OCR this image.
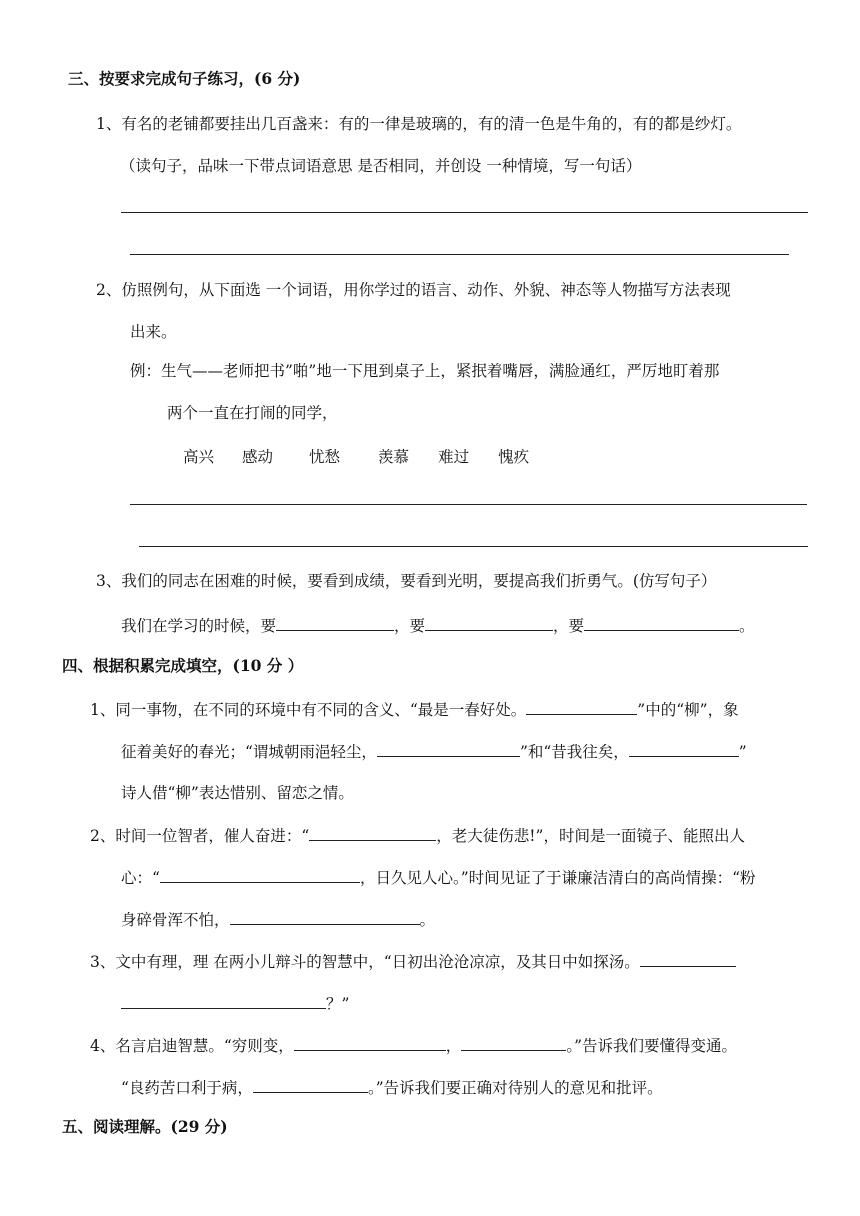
三、按要求完成句子练习，(6 分)
1、有名的老铺都要挂出几百盏来：有的一律是玻璃的，有的清一色是牛角的，有的都是纱灯。
（读句子，品味一下带点词语意思 是否相同，并创设 一种情境，写一句话）
2、仿照例句，从下面选 一个词语，用你学过的语言、动作、外貌、神态等人物描写方法表现
出来。
例：生气——老师把书”啪”地一下甩到桌子上，紧抿着嘴唇，满脸通红，严厉地盯着那
两个一直在打闹的同学，
高兴 感动 忧愁 羡慕 难过 愧疚
3、我们的同志在困难的时候，要看到成绩，要看到光明，要提高我们折勇气。(仿写句子）
我们在学习的时候，要	，要	，要	。
四、根据积累完成填空，(10 分 ）
1、同一事物，在不同的环境中有不同的含义、“最是一春好处。	”中的“柳”，象
征着美好的春光；“谓城朝雨浥轻尘，	”和“昔我往矣，	”
诗人借“柳”表达惜别、留恋之情。
2、时间一位智者，催人奋进：“	，老大徒伤悲!”，时间是一面镜子、能照出人
心：“	，日久见人心。”时间见证了于谦廉洁清白的高尚情操：“粉
身碎骨浑不怕，	。
3、文中有理，理 在两小儿辩斗的智慧中，“日初出沧沧凉凉，及其日中如探汤。
？”
4、名言启迪智慧。“穷则变，	，	。”告诉我们要懂得变通。
“良药苦口利于病，	。”告诉我们要正确对待别人的意见和批评。
五、阅读理解。(29 分)
